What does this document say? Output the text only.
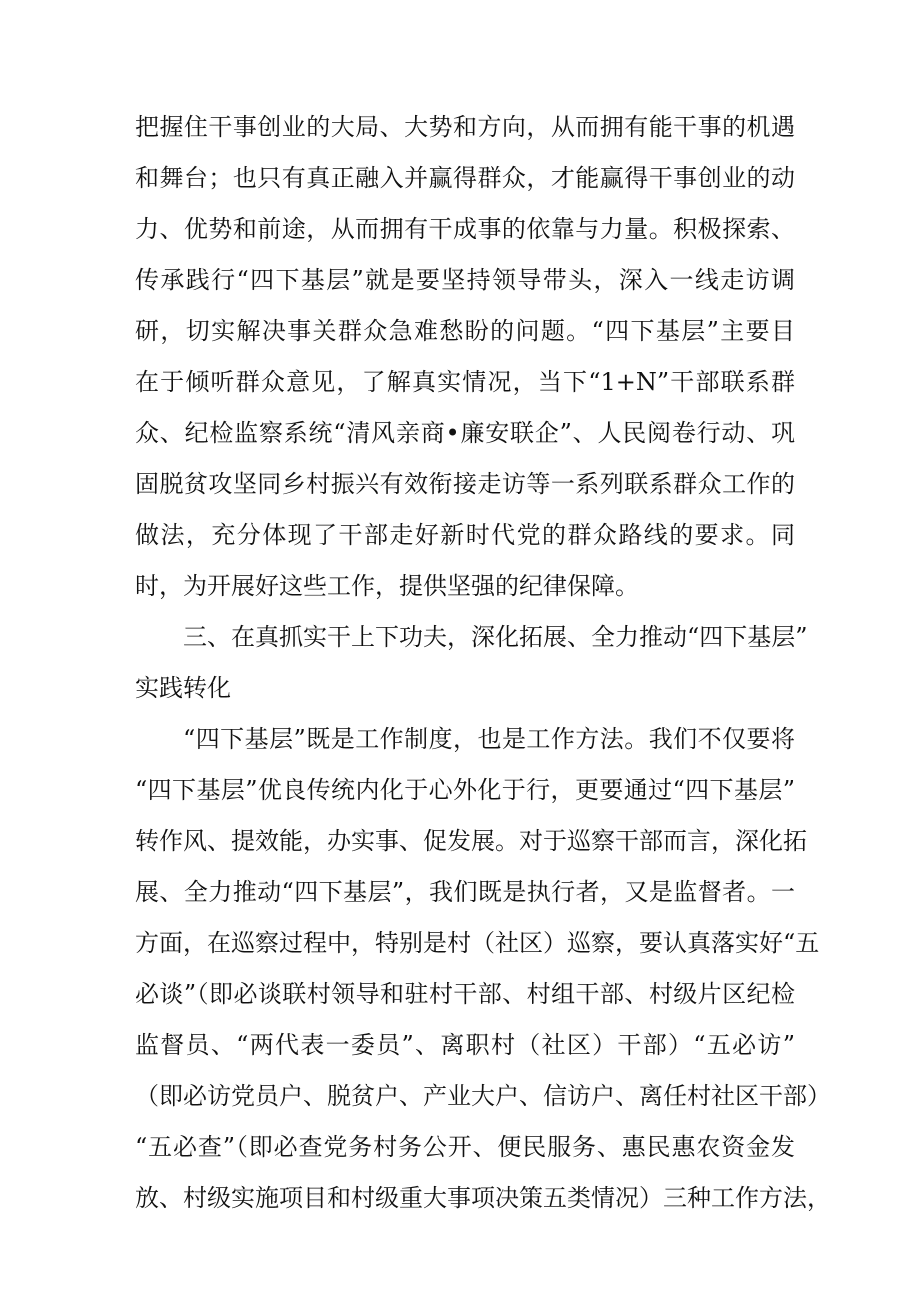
把握住干事创业的大局、大势和方向，从而拥有能干事的机遇
和舞台；也只有真正融入并赢得群众，才能赢得干事创业的动
力、优势和前途，从而拥有干成事的依靠与力量。积极探索、
传承践行“四下基层”就是要坚持领导带头，深入一线走访调
研，切实解决事关群众急难愁盼的问题。“四下基层”主要目
在于倾听群众意见，了解真实情况，当下“1+N”干部联系群
众、纪检监察系统“清风亲商•廉安联企”、人民阅卷行动、巩
固脱贫攻坚同乡村振兴有效衔接走访等一系列联系群众工作的
做法，充分体现了干部走好新时代党的群众路线的要求。同
时，为开展好这些工作，提供坚强的纪律保障。
三、在真抓实干上下功夫，深化拓展、全力推动“四下基层”
实践转化
“四下基层”既是工作制度，也是工作方法。我们不仅要将
“四下基层”优良传统内化于心外化于行，更要通过“四下基层”
转作风、提效能，办实事、促发展。对于巡察干部而言，深化拓
展、全力推动“四下基层”，我们既是执行者，又是监督者。一
方面，在巡察过程中，特别是村（社区）巡察，要认真落实好“五
必谈”（即必谈联村领导和驻村干部、村组干部、村级片区纪检
监督员、“两代表一委员”、离职村（社区）干部）“五必访”
（即必访党员户、脱贫户、产业大户、信访户、离任村社区干部）
“五必查”（即必查党务村务公开、便民服务、惠民惠农资金发
放、村级实施项目和村级重大事项决策五类情况）三种工作方法，
